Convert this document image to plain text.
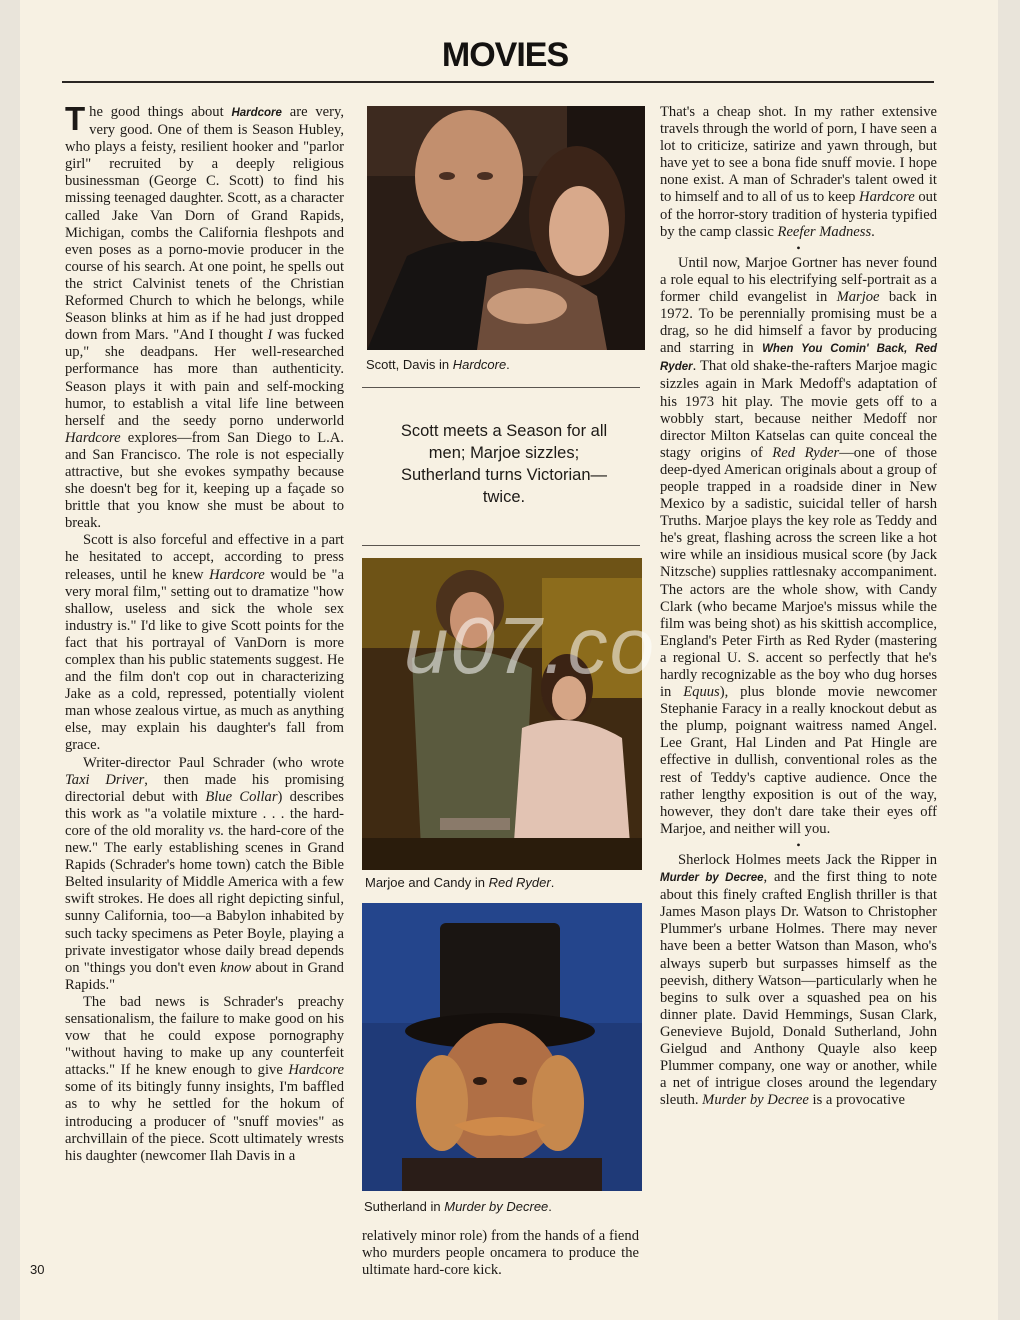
MOVIES

The good things about Hardcore are very, very good. One of them is Season Hubley, who plays a feisty, resilient hooker and "parlor girl" recruited by a deeply religious businessman (George C. Scott) to find his missing teenaged daughter. Scott, as a character called Jake Van Dorn of Grand Rapids, Michigan, combs the California fleshpots and even poses as a porno-movie producer in the course of his search. At one point, he spells out the strict Calvinist tenets of the Christian Reformed Church to which he belongs, while Season blinks at him as if he had just dropped down from Mars. "And I thought I was fucked up," she deadpans. Her well-researched performance has more than authenticity. Season plays it with pain and self-mocking humor, to establish a vital life line between herself and the seedy porno underworld Hardcore explores—from San Diego to L.A. and San Francisco. The role is not especially attractive, but she evokes sympathy because she doesn't beg for it, keeping up a façade so brittle that you know she must be about to break.

Scott is also forceful and effective in a part he hesitated to accept, according to press releases, until he knew Hardcore would be "a very moral film," setting out to dramatize "how shallow, useless and sick the whole sex industry is." I'd like to give Scott points for the fact that his portrayal of VanDorn is more complex than his public statements suggest. He and the film don't cop out in characterizing Jake as a cold, repressed, potentially violent man whose zealous virtue, as much as anything else, may explain his daughter's fall from grace.

Writer-director Paul Schrader (who wrote Taxi Driver, then made his promising directorial debut with Blue Collar) describes this work as "a volatile mixture . . . the hard-core of the old morality vs. the hard-core of the new." The early establishing scenes in Grand Rapids (Schrader's home town) catch the Bible Belted insularity of Middle America with a few swift strokes. He does all right depicting sinful, sunny California, too—a Babylon inhabited by such tacky specimens as Peter Boyle, playing a private investigator whose daily bread depends on "things you don't even know about in Grand Rapids."

The bad news is Schrader's preachy sensationalism, the failure to make good on his vow that he could expose pornography "without having to make up any counterfeit attacks." If he knew enough to give Hardcore some of its bitingly funny insights, I'm baffled as to why he settled for the hokum of introducing a producer of "snuff movies" as archvillain of the piece. Scott ultimately wrests his daughter (newcomer Ilah Davis in a

Scott, Davis in Hardcore.
Scott meets a Season for all men; Marjoe sizzles; Sutherland turns Victorian—twice.
Marjoe and Candy in Red Ryder.
Sutherland in Murder by Decree.

relatively minor role) from the hands of a fiend who murders people oncamera to produce the ultimate hard-core kick.

That's a cheap shot. In my rather extensive travels through the world of porn, I have seen a lot to criticize, satirize and yawn through, but have yet to see a bona fide snuff movie. I hope none exist. A man of Schrader's talent owed it to himself and to all of us to keep Hardcore out of the horror-story tradition of hysteria typified by the camp classic Reefer Madness.

•

Until now, Marjoe Gortner has never found a role equal to his electrifying self-portrait as a former child evangelist in Marjoe back in 1972. To be perennially promising must be a drag, so he did himself a favor by producing and starring in When You Comin' Back, Red Ryder. That old shake-the-rafters Marjoe magic sizzles again in Mark Medoff's adaptation of his 1973 hit play. The movie gets off to a wobbly start, because neither Medoff nor director Milton Katselas can quite conceal the stagy origins of Red Ryder—one of those deep-dyed American originals about a group of people trapped in a roadside diner in New Mexico by a sadistic, suicidal teller of harsh Truths. Marjoe plays the key role as Teddy and he's great, flashing across the screen like a hot wire while an insidious musical score (by Jack Nitzsche) supplies rattlesnaky accompaniment. The actors are the whole show, with Candy Clark (who became Marjoe's missus while the film was being shot) as his skittish accomplice, England's Peter Firth as Red Ryder (mastering a regional U. S. accent so perfectly that he's hardly recognizable as the boy who dug horses in Equus), plus blonde movie newcomer Stephanie Faracy in a really knockout debut as the plump, poignant waitress named Angel. Lee Grant, Hal Linden and Pat Hingle are effective in dullish, conventional roles as the rest of Teddy's captive audience. Once the rather lengthy exposition is out of the way, however, they don't dare take their eyes off Marjoe, and neither will you.

•

Sherlock Holmes meets Jack the Ripper in Murder by Decree, and the first thing to note about this finely crafted English thriller is that James Mason plays Dr. Watson to Christopher Plummer's urbane Holmes. There may never have been a better Watson than Mason, who's always superb but surpasses himself as the peevish, dithery Watson—particularly when he begins to sulk over a squashed pea on his dinner plate. David Hemmings, Susan Clark, Genevieve Bujold, Donald Sutherland, John Gielgud and Anthony Quayle also keep Plummer company, one way or another, while a net of intrigue closes around the legendary sleuth. Murder by Decree is a provocative

30
u07.co
